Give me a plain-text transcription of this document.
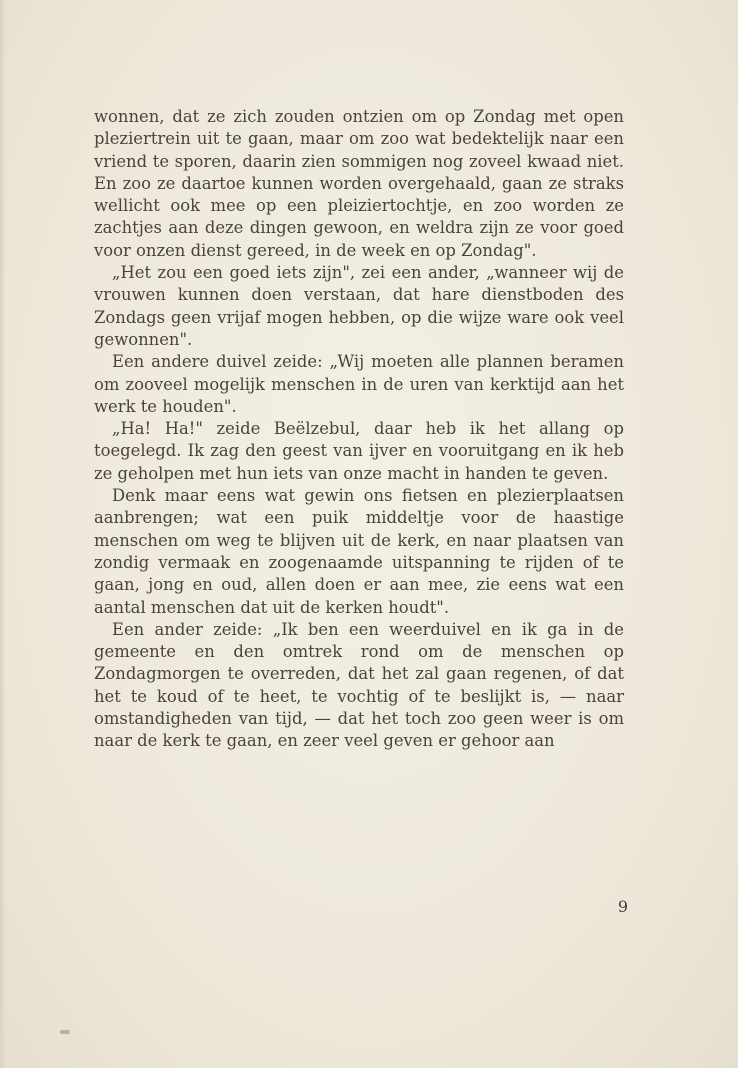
wonnen, dat ze zich zouden ontzien om op Zondag met open pleziertrein uit te gaan, maar om zoo wat bedektelijk naar een vriend te sporen, daarin zien sommigen nog zoveel kwaad niet. En zoo ze daartoe kunnen worden overgehaald, gaan ze straks wellicht ook mee op een pleiziertochtje, en zoo worden ze zachtjes aan deze dingen gewoon, en weldra zijn ze voor goed voor onzen dienst gereed, in de week en op Zondag".

„Het zou een goed iets zijn", zei een ander, „wanneer wij de vrouwen kunnen doen verstaan, dat hare dienstboden des Zondags geen vrijaf mogen hebben, op die wijze ware ook veel gewonnen".

Een andere duivel zeide: „Wij moeten alle plannen beramen om zooveel mogelijk menschen in de uren van kerktijd aan het werk te houden".

„Ha! Ha!" zeide Beëlzebul, daar heb ik het allang op toegelegd. Ik zag den geest van ijver en vooruitgang en ik heb ze geholpen met hun iets van onze macht in handen te geven.

Denk maar eens wat gewin ons fietsen en plezierplaatsen aanbrengen; wat een puik middeltje voor de haastige menschen om weg te blijven uit de kerk, en naar plaatsen van zondig vermaak en zoogenaamde uitspanning te rijden of te gaan, jong en oud, allen doen er aan mee, zie eens wat een aantal menschen dat uit de kerken houdt".

Een ander zeide: „Ik ben een weerduivel en ik ga in de gemeente en den omtrek rond om de menschen op Zondagmorgen te overreden, dat het zal gaan regenen, of dat het te koud of te heet, te vochtig of te beslijkt is, — naar omstandigheden van tijd, — dat het toch zoo geen weer is om naar de kerk te gaan, en zeer veel geven er gehoor aan

9
